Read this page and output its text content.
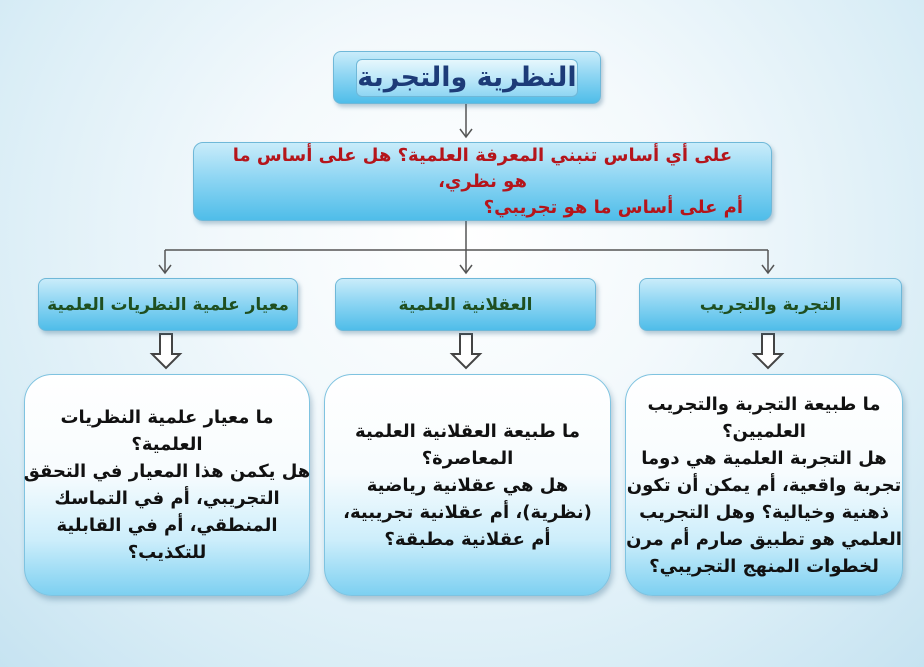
النظرية والتجربة
على أي أساس تنبني المعرفة العلمية؟ هل على أساس ما هو نظري،
أم على أساس ما هو تجريبي؟
التجربة والتجريب
العقلانية العلمية
معيار علمية النظريات العلمية
ما طبيعة التجربة والتجريب
العلميين؟
هل التجربة العلمية هي دوما
تجربة واقعية، أم يمكن أن تكون
ذهنية وخيالية؟ وهل التجريب
العلمي هو تطبيق صارم أم مرن
لخطوات المنهج التجريبي؟
ما طبيعة العقلانية العلمية
المعاصرة؟
هل هي عقلانية رياضية
(نظرية)، أم عقلانية تجريبية،
أم عقلانية مطبقة؟
ما معيار علمية النظريات
العلمية؟
هل يكمن هذا المعيار في التحقق
التجريبي، أم في التماسك
المنطقي، أم في القابلية
للتكذيب؟
